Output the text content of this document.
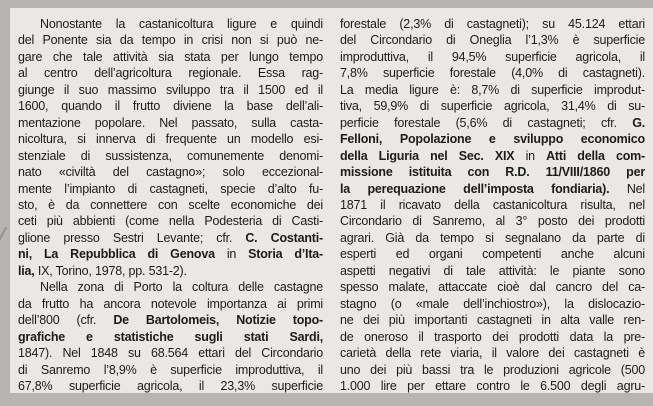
Nonostante la castanicoltura ligure e quindi
del Ponente sia da tempo in crisi non si può ne-
gare che tale attività sia stata per lungo tempo
al centro dell’agricoltura regionale. Essa rag-
giunge il suo massimo sviluppo tra il 1500 ed il
1600, quando il frutto diviene la base dell’ali-
mentazione popolare. Nel passato, sulla casta-
nicoltura, si innerva di frequente un modello esi-
stenziale di sussistenza, comunemente denomi-
nato «civiltà del castagno»; solo eccezional-
mente l’impianto di castagneti, specie d’alto fu-
sto, è da connettere con scelte economiche dei
ceti più abbienti (come nella Podesteria di Casti-
glione presso Sestri Levante; cfr. C. Costanti-
ni, La Repubblica di Genova in Storia d’Ita-
lia, IX, Torino, 1978, pp. 531-2).
Nella zona di Porto la coltura delle castagne
da frutto ha ancora notevole importanza ai primi
dell’800 (cfr. De Bartolomeis, Notizie topo-
grafiche e statistiche sugli stati Sardi,
1847). Nel 1848 su 68.564 ettari del Circondario
di Sanremo l’8,9% è superficie improduttiva, il
67,8% superficie agricola, il 23,3% superficie
forestale (2,3% di castagneti); su 45.124 ettari
del Circondario di Oneglia l’1,3% è superficie
improduttiva, il 94,5% superficie agricola, il
7,8% superficie forestale (4,0% di castagneti).
La media ligure è: 8,7% di superficie improdut-
tiva, 59,9% di superficie agricola, 31,4% di su-
perficie forestale (5,6% di castagneti; cfr. G.
Felloni, Popolazione e sviluppo economico
della Liguria nel Sec. XIX in Atti della com-
missione istituita con R.D. 11/VIII/1860 per
la perequazione dell’imposta fondiaria). Nel
1871 il ricavato della castanicoltura risulta, nel
Circondario di Sanremo, al 3° posto dei prodotti
agrari. Già da tempo si segnalano da parte di
esperti ed organi competenti anche alcuni
aspetti negativi di tale attività: le piante sono
spesso malate, attaccate cioè dal cancro del ca-
stagno (o «male dell’inchiostro»), la dislocazio-
ne dei più importanti castagneti in alta valle ren-
de oneroso il trasporto dei prodotti data la pre-
carietà della rete viaria, il valore dei castagneti è
uno dei più bassi tra le produzioni agricole (500
1.000 lire per ettare contro le 6.500 degli agru-
